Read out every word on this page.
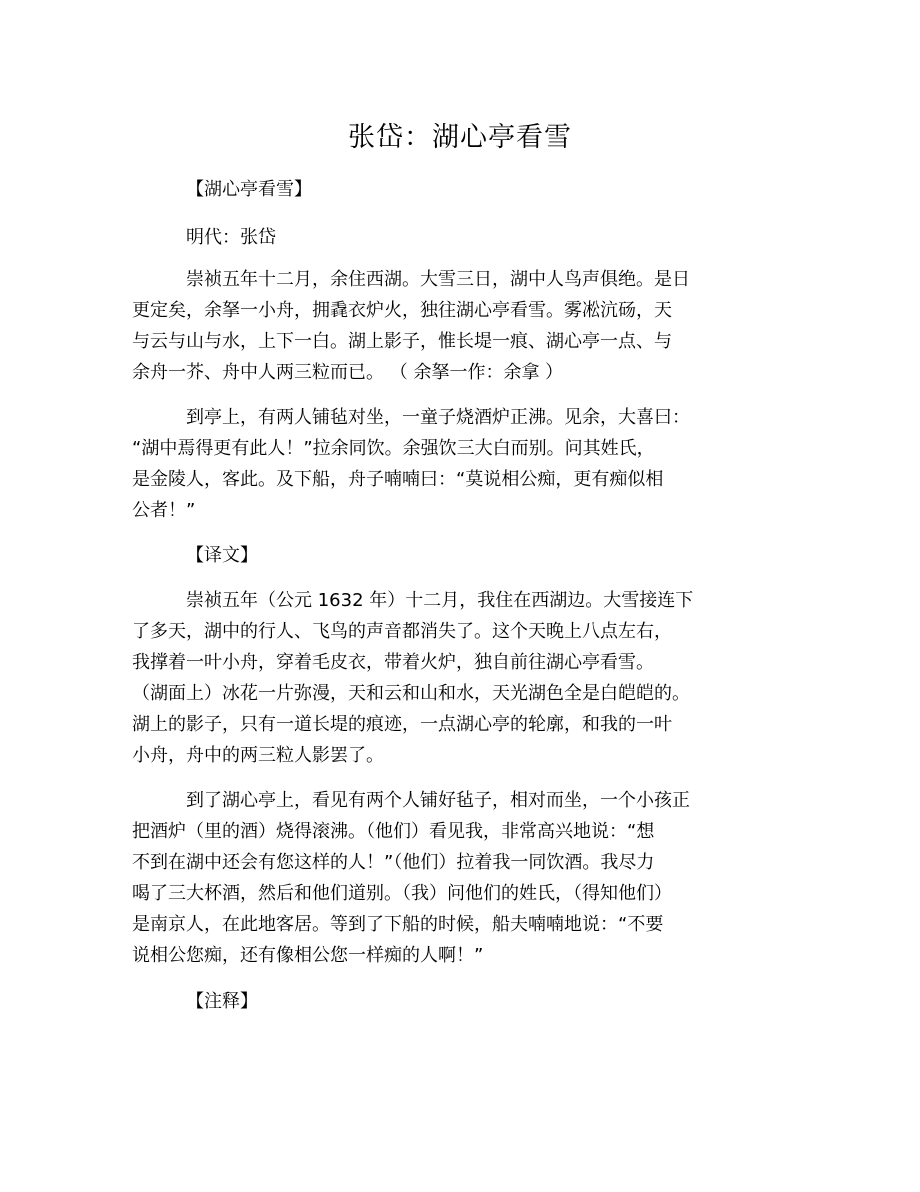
张岱：湖心亭看雪

【湖心亭看雪】

明代：张岱

崇祯五年十二月，余住西湖。大雪三日，湖中人鸟声俱绝。是日

更定矣，余拏一小舟，拥毳衣炉火，独往湖心亭看雪。雾凇沆砀，天

与云与山与水，上下一白。湖上影子，惟长堤一痕、湖心亭一点、与

余舟一芥、舟中人两三粒而已。 （ 余拏一作：余拿 ）

到亭上，有两人铺毡对坐，一童子烧酒炉正沸。见余，大喜曰：

“湖中焉得更有此人！”拉余同饮。余强饮三大白而别。问其姓氏，

是金陵人，客此。及下船，舟子喃喃曰：“莫说相公痴，更有痴似相

公者！”

【译文】

崇祯五年（公元 1632 年）十二月，我住在西湖边。大雪接连下

了多天，湖中的行人、飞鸟的声音都消失了。这个天晚上八点左右，

我撑着一叶小舟，穿着毛皮衣，带着火炉，独自前往湖心亭看雪。

（湖面上）冰花一片弥漫，天和云和山和水，天光湖色全是白皑皑的。

湖上的影子，只有一道长堤的痕迹，一点湖心亭的轮廓，和我的一叶

小舟，舟中的两三粒人影罢了。

到了湖心亭上，看见有两个人铺好毡子，相对而坐，一个小孩正

把酒炉（里的酒）烧得滚沸。（他们）看见我，非常高兴地说：“想

不到在湖中还会有您这样的人！”（他们）拉着我一同饮酒。我尽力

喝了三大杯酒，然后和他们道别。（我）问他们的姓氏，（得知他们）

是南京人，在此地客居。等到了下船的时候，船夫喃喃地说：“不要

说相公您痴，还有像相公您一样痴的人啊！”

【注释】
